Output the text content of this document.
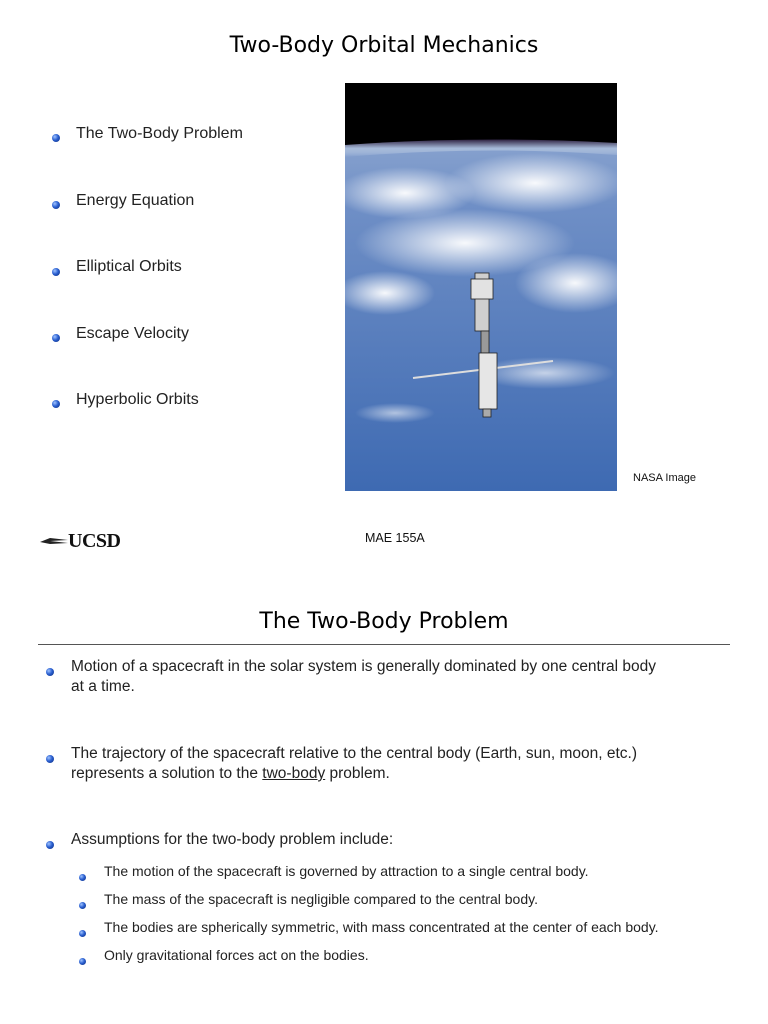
Two-Body Orbital Mechanics
The Two-Body Problem
Energy Equation
Elliptical Orbits
Escape Velocity
Hyperbolic Orbits
NASA Image
UCSD	MAE 155A
The Two-Body Problem
Motion of a spacecraft in the solar system is generally dominated by one central body
at a time.
The trajectory of the spacecraft relative to the central body (Earth, sun, moon, etc.)
represents a solution to the two-body problem.
Assumptions for the two-body problem include:
The motion of the spacecraft is governed by attraction to a single central body.
The mass of the spacecraft is negligible compared to the central body.
The bodies are spherically symmetric, with mass concentrated at the center of each body.
Only gravitational forces act on the bodies.
